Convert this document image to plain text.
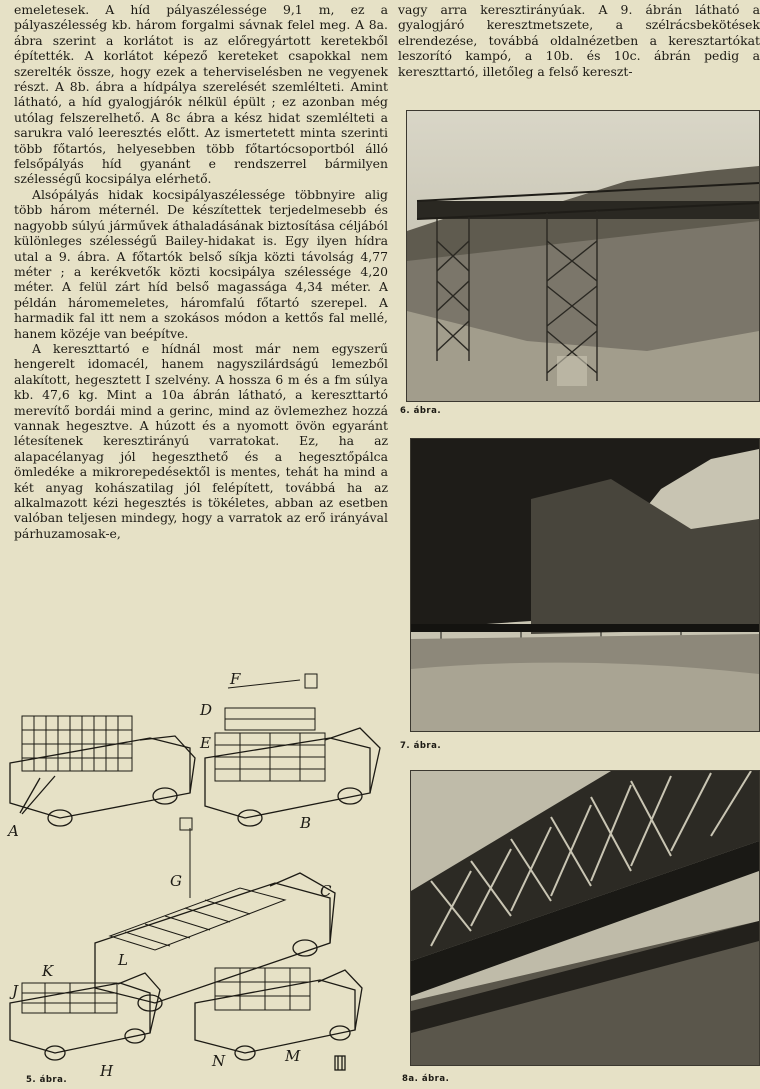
emeletesek. A híd pályaszélessége 9,1 m, ez a pályaszélesség kb. három forgalmi sávnak felel meg. A 8a. ábra szerint a korlátot is az előregyártott keretekből építették. A korlátot képező kereteket csapokkal nem szerelték össze, hogy ezek a teherviselésben ne vegyenek részt. A 8b. ábra a hídpálya szerelését szemlélteti. Amint látható, a híd gyalogjárók nélkül épült ; ez azonban még utólag felszerelhető. A 8c ábra a kész hidat szemlélteti a sarukra való leeresztés előtt. Az ismertetett minta szerinti több főtartós, helyesebben több főtartócsoportból álló felsőpályás híd gyanánt e rendszerrel bármilyen szélességű kocsipálya elérhető.

Alsópályás hidak kocsipályaszélessége többnyire alig több három méternél. De készítettek terjedelmesebb és nagyobb súlyú járművek áthaladásának biztosítása céljából különleges szélességű Bailey-hidakat is. Egy ilyen hídra utal a 9. ábra. A főtartók belső síkja közti távolság 4,77 méter ; a kerékvetők közti kocsipálya szélessége 4,20 méter. A felül zárt híd belső magassága 4,34 méter. A példán háromemeletes, háromfalú főtartó szerepel. A harmadik fal itt nem a szokásos módon a kettős fal mellé, hanem közéje van beépítve.

A kereszttartó e hídnál most már nem egyszerű hengerelt idomacél, hanem nagyszilárdságú lemezből alakított, hegesztett I szelvény. A hossza 6 m és a fm súlya kb. 47,6 kg. Mint a 10a ábrán látható, a kereszttartó merevítő bordái mind a gerinc, mind az övlemezhez hozzá vannak hegesztve. A húzott és a nyomott övön egyaránt létesítenek keresztirányú varratokat. Ez, ha az alapacélanyag jól hegeszthető és a hegesztőpálca ömledéke a mikrorepedésektől is mentes, tehát ha mind a két anyag kohászatilag jól felépített, továbbá ha az alkalmazott kézi hegesztés is tökéletes, abban az esetben valóban teljesen mindegy, hogy a varratok az erő irányával párhuzamosak-e,

vagy arra keresztirányúak. A 9. ábrán látható a gyalogjáró keresztmetszete, a szélrácsbekötések elrendezése, továbbá oldalnézetben a keresztartókat leszorító kampó, a 10b. és 10c. ábrán pedig a kereszttartó, illetőleg a felső kereszt-
6. ábra.
7. ábra.
8a. ábra.
A	B
C
D
E
F
G
H
J
K
L
M
N
5. ábra.
